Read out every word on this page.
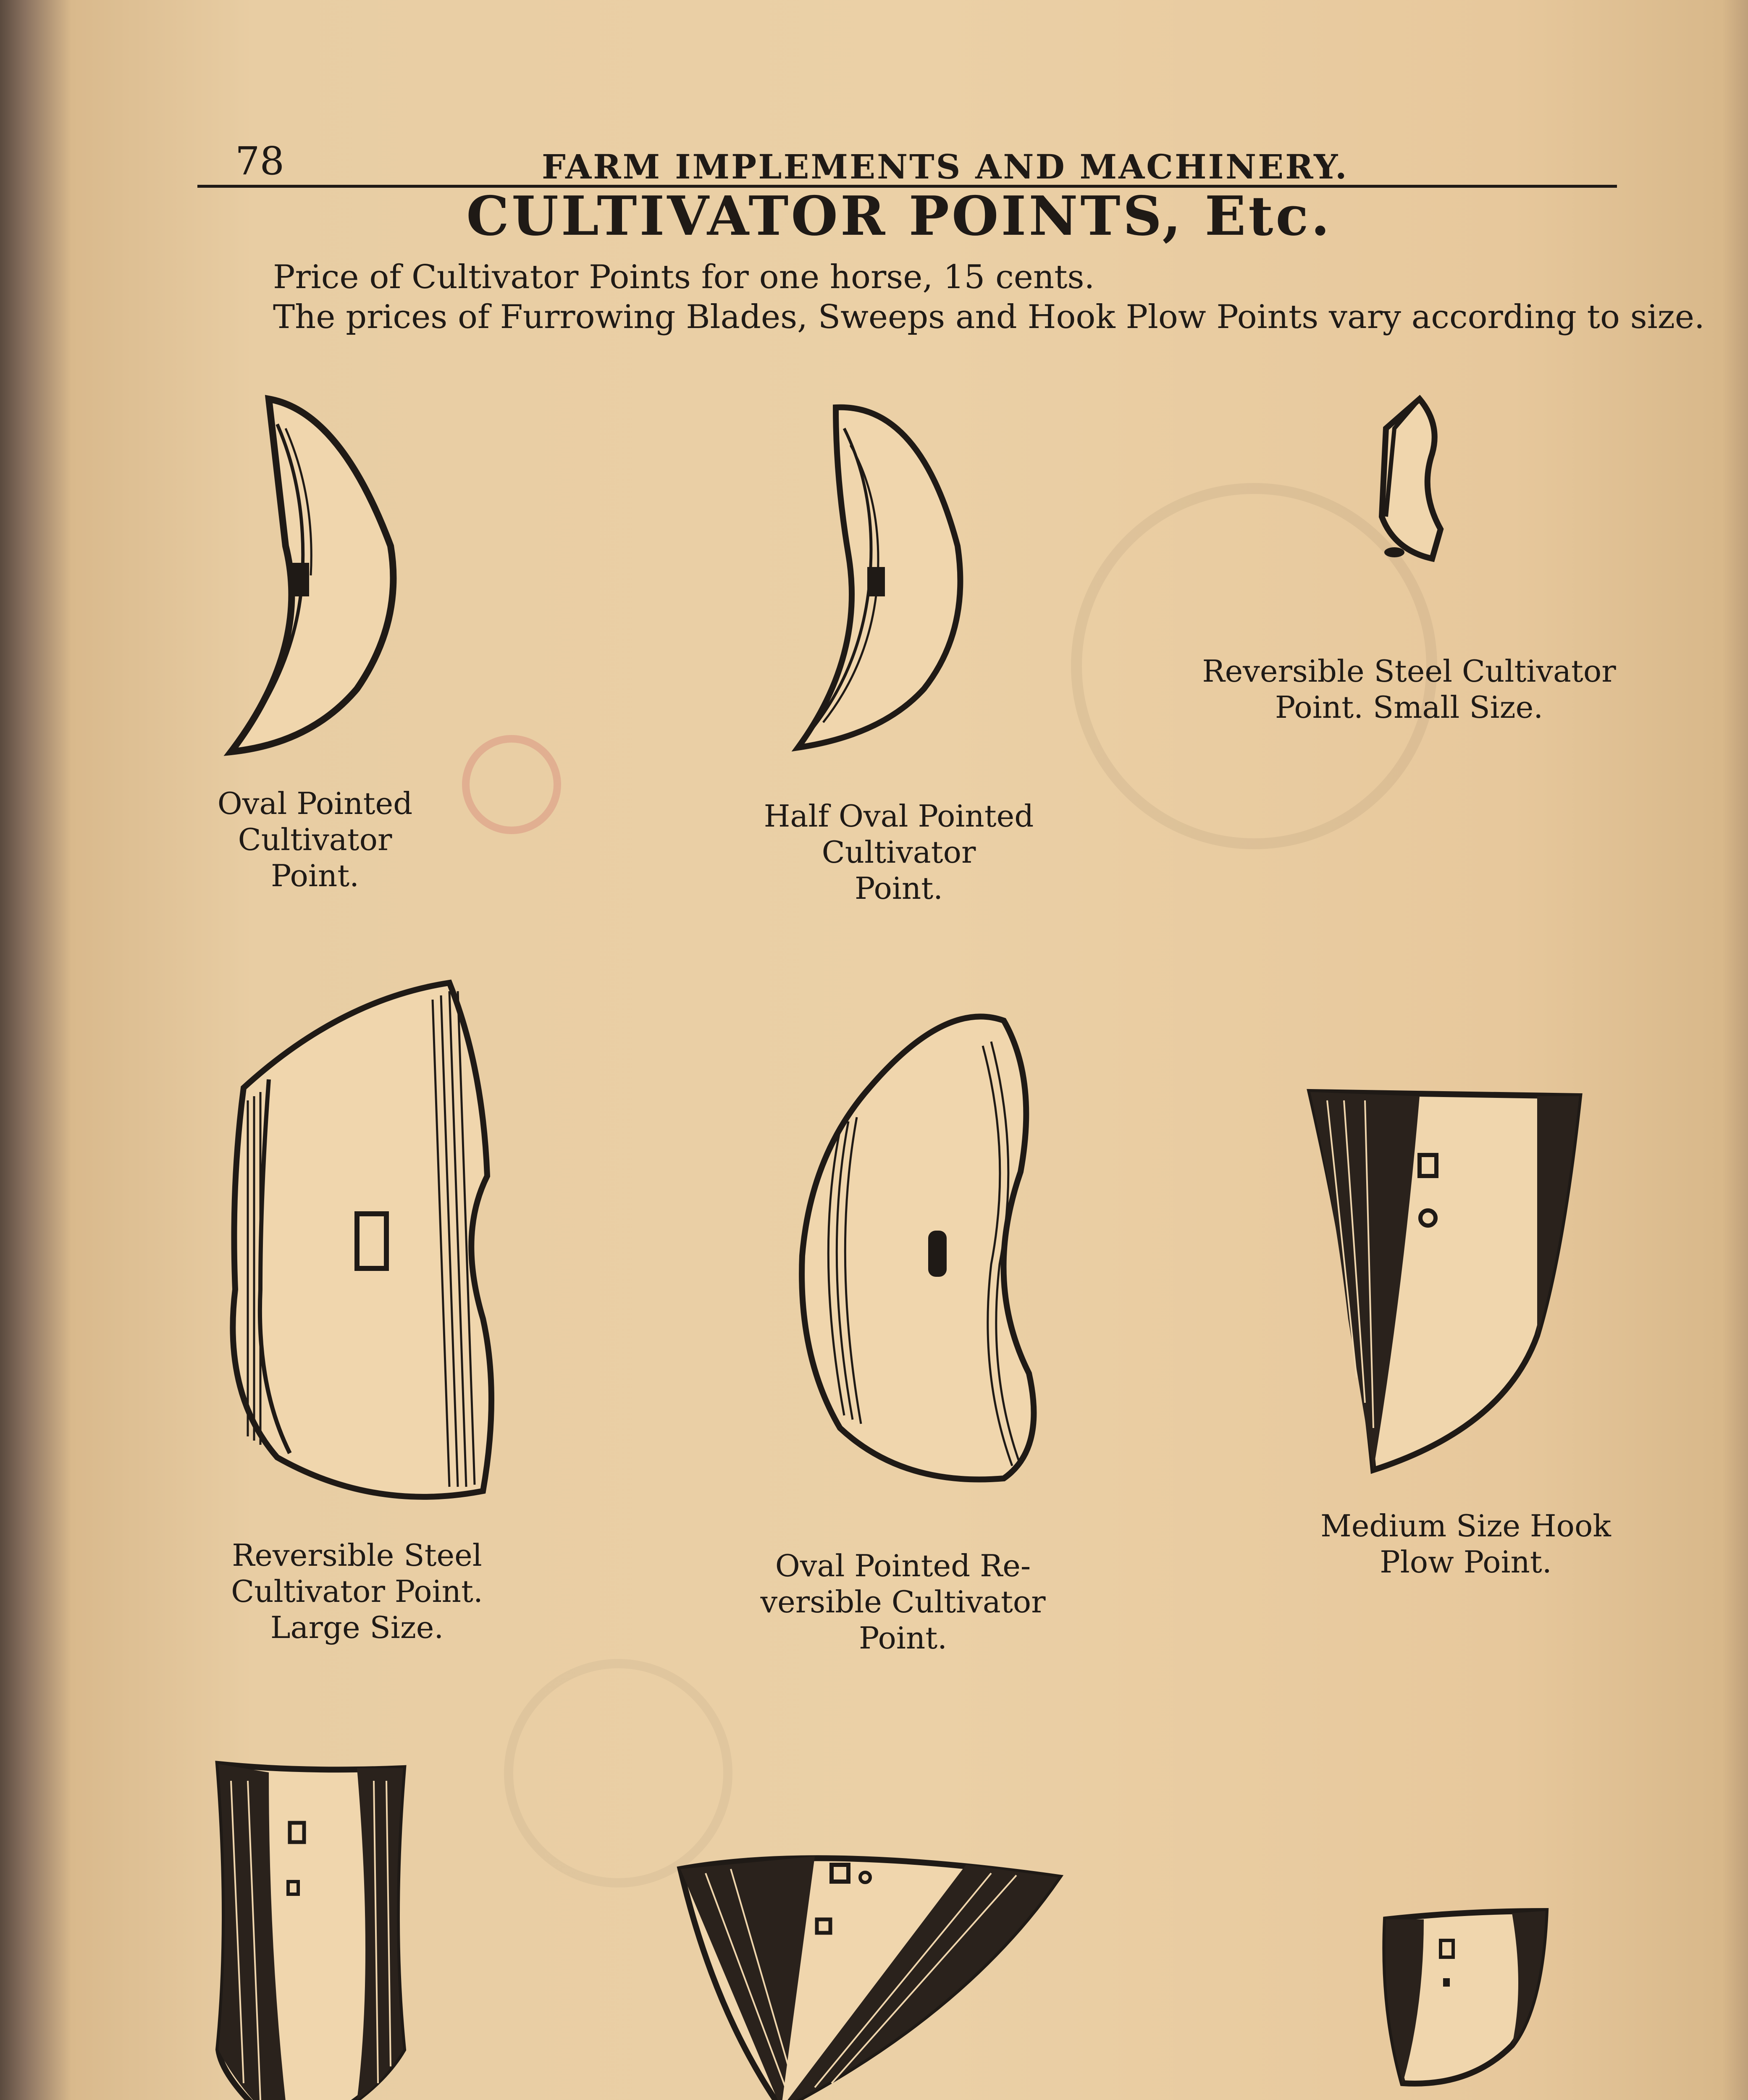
78	FARM IMPLEMENTS AND MACHINERY.
CULTIVATOR POINTS, Etc.
Price of Cultivator Points for one horse, 15 cents.
The prices of Furrowing Blades, Sweeps and Hook Plow Points vary according to size.
Oval Pointed
Cultivator
Point.
Half Oval Pointed
Cultivator
Point.
Reversible Steel Cultivator
Point. Small Size.
Reversible Steel
Cultivator Point.
Large Size.
Oval Pointed Re-
versible Cultivator
Point.
Medium Size Hook
Plow Point.
